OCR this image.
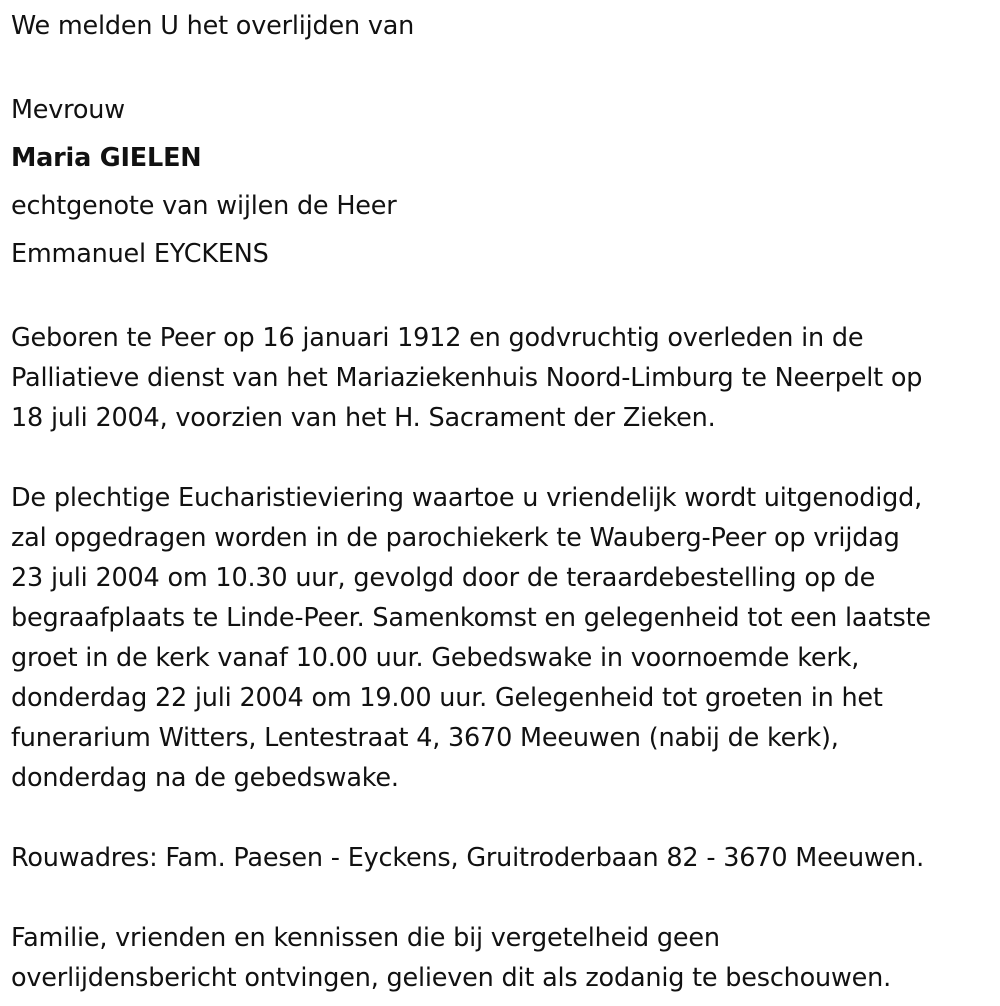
We melden U het overlijden van

Mevrouw

Maria GIELEN

echtgenote van wijlen de Heer

Emmanuel EYCKENS

Geboren te Peer op 16 januari 1912 en godvruchtig overleden in de

Palliatieve dienst van het Mariaziekenhuis Noord-Limburg te Neerpelt op

18 juli 2004, voorzien van het H. Sacrament der Zieken.

De plechtige Eucharistieviering waartoe u vriendelijk wordt uitgenodigd,

zal opgedragen worden in de parochiekerk te Wauberg-Peer op vrijdag

23 juli 2004 om 10.30 uur, gevolgd door de teraardebestelling op de

begraafplaats te Linde-Peer. Samenkomst en gelegenheid tot een laatste

groet in de kerk vanaf 10.00 uur. Gebedswake in voornoemde kerk,

donderdag 22 juli 2004 om 19.00 uur. Gelegenheid tot groeten in het

funerarium Witters, Lentestraat 4, 3670 Meeuwen (nabij de kerk),

donderdag na de gebedswake.

Rouwadres: Fam. Paesen - Eyckens, Gruitroderbaan 82 - 3670 Meeuwen.

Familie, vrienden en kennissen die bij vergetelheid geen

overlijdensbericht ontvingen, gelieven dit als zodanig te beschouwen.
